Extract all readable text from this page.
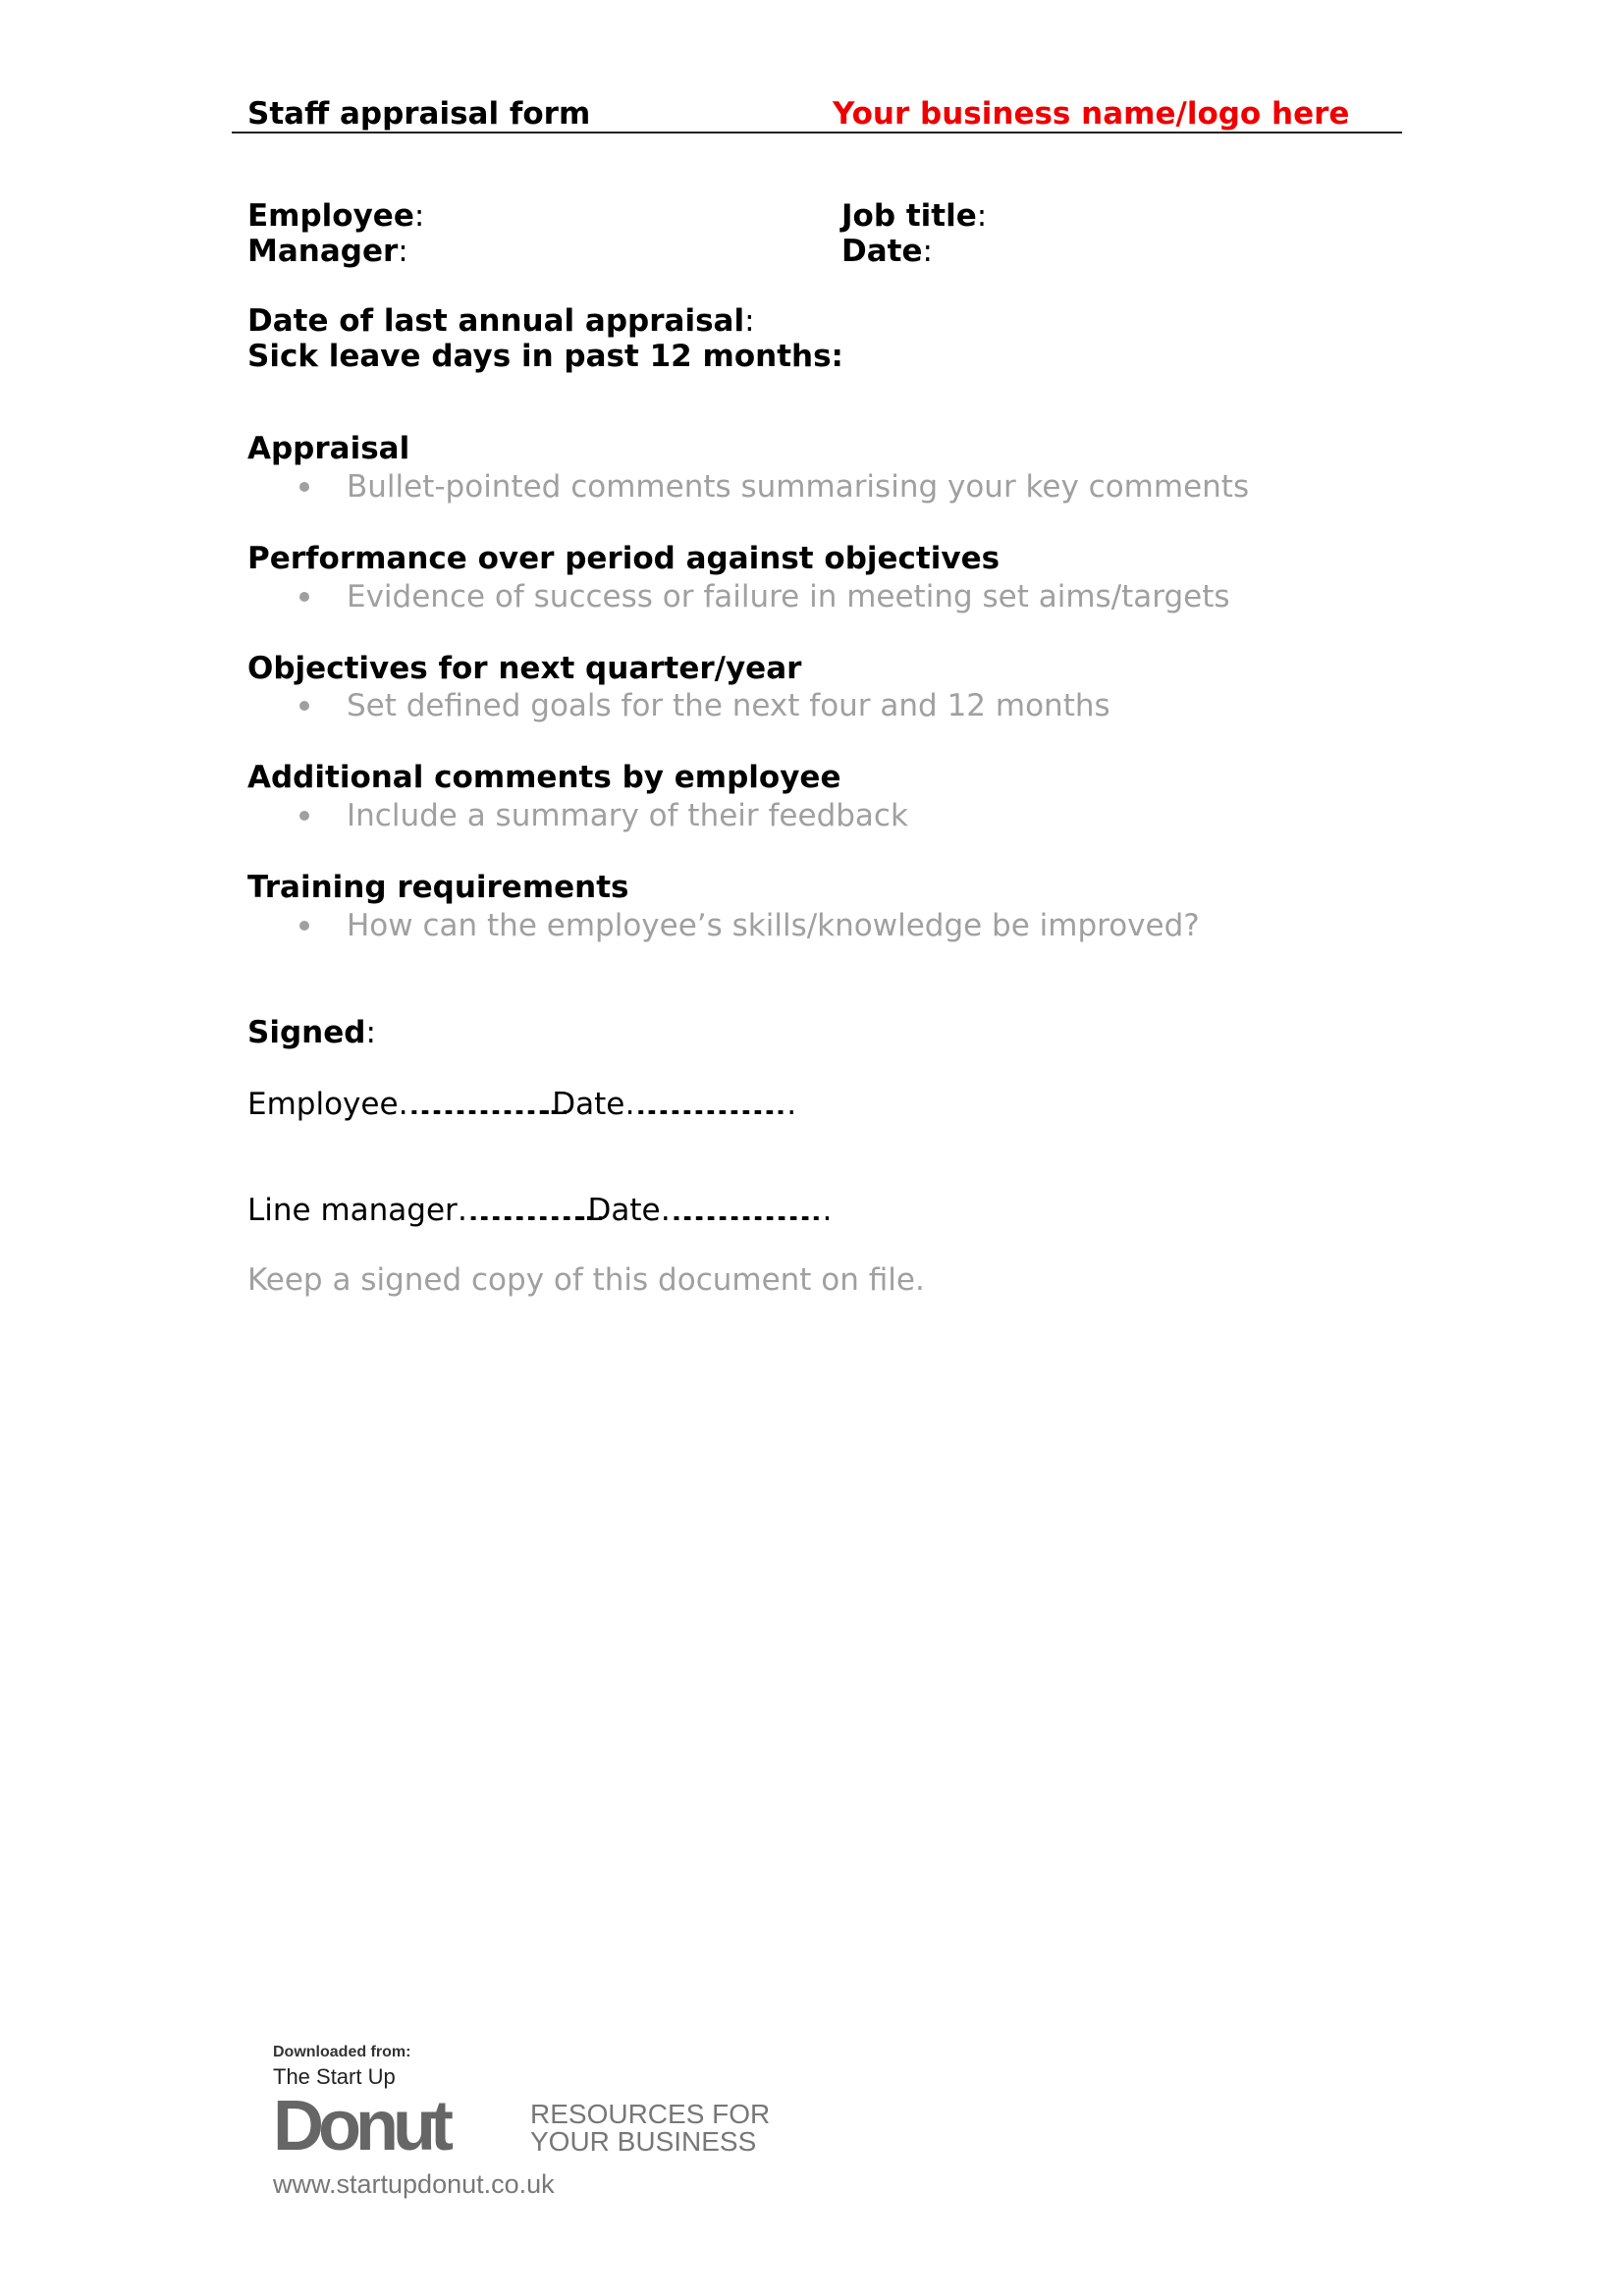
Staff appraisal form	Your business name/logo here
Employee:	Job title:
Manager:	Date:
Date of last annual appraisal:
Sick leave days in past 12 months:
Appraisal
Bullet-pointed comments summarising your key comments
Performance over period against objectives
Evidence of success or failure in meeting set aims/targets
Objectives for next quarter/year
Set defined goals for the next four and 12 months
Additional comments by employee
Include a summary of their feedback
Training requirements
How can the employee’s skills/knowledge be improved?
Signed:
Employee………………………………….. Date…………………………………
Line manager…………………………….. Date…………………………………
Keep a signed copy of this document on file.
Downloaded from:
The Start Up
Donut	RESOURCES FOR
YOUR BUSINESS
www.startupdonut.co.uk
